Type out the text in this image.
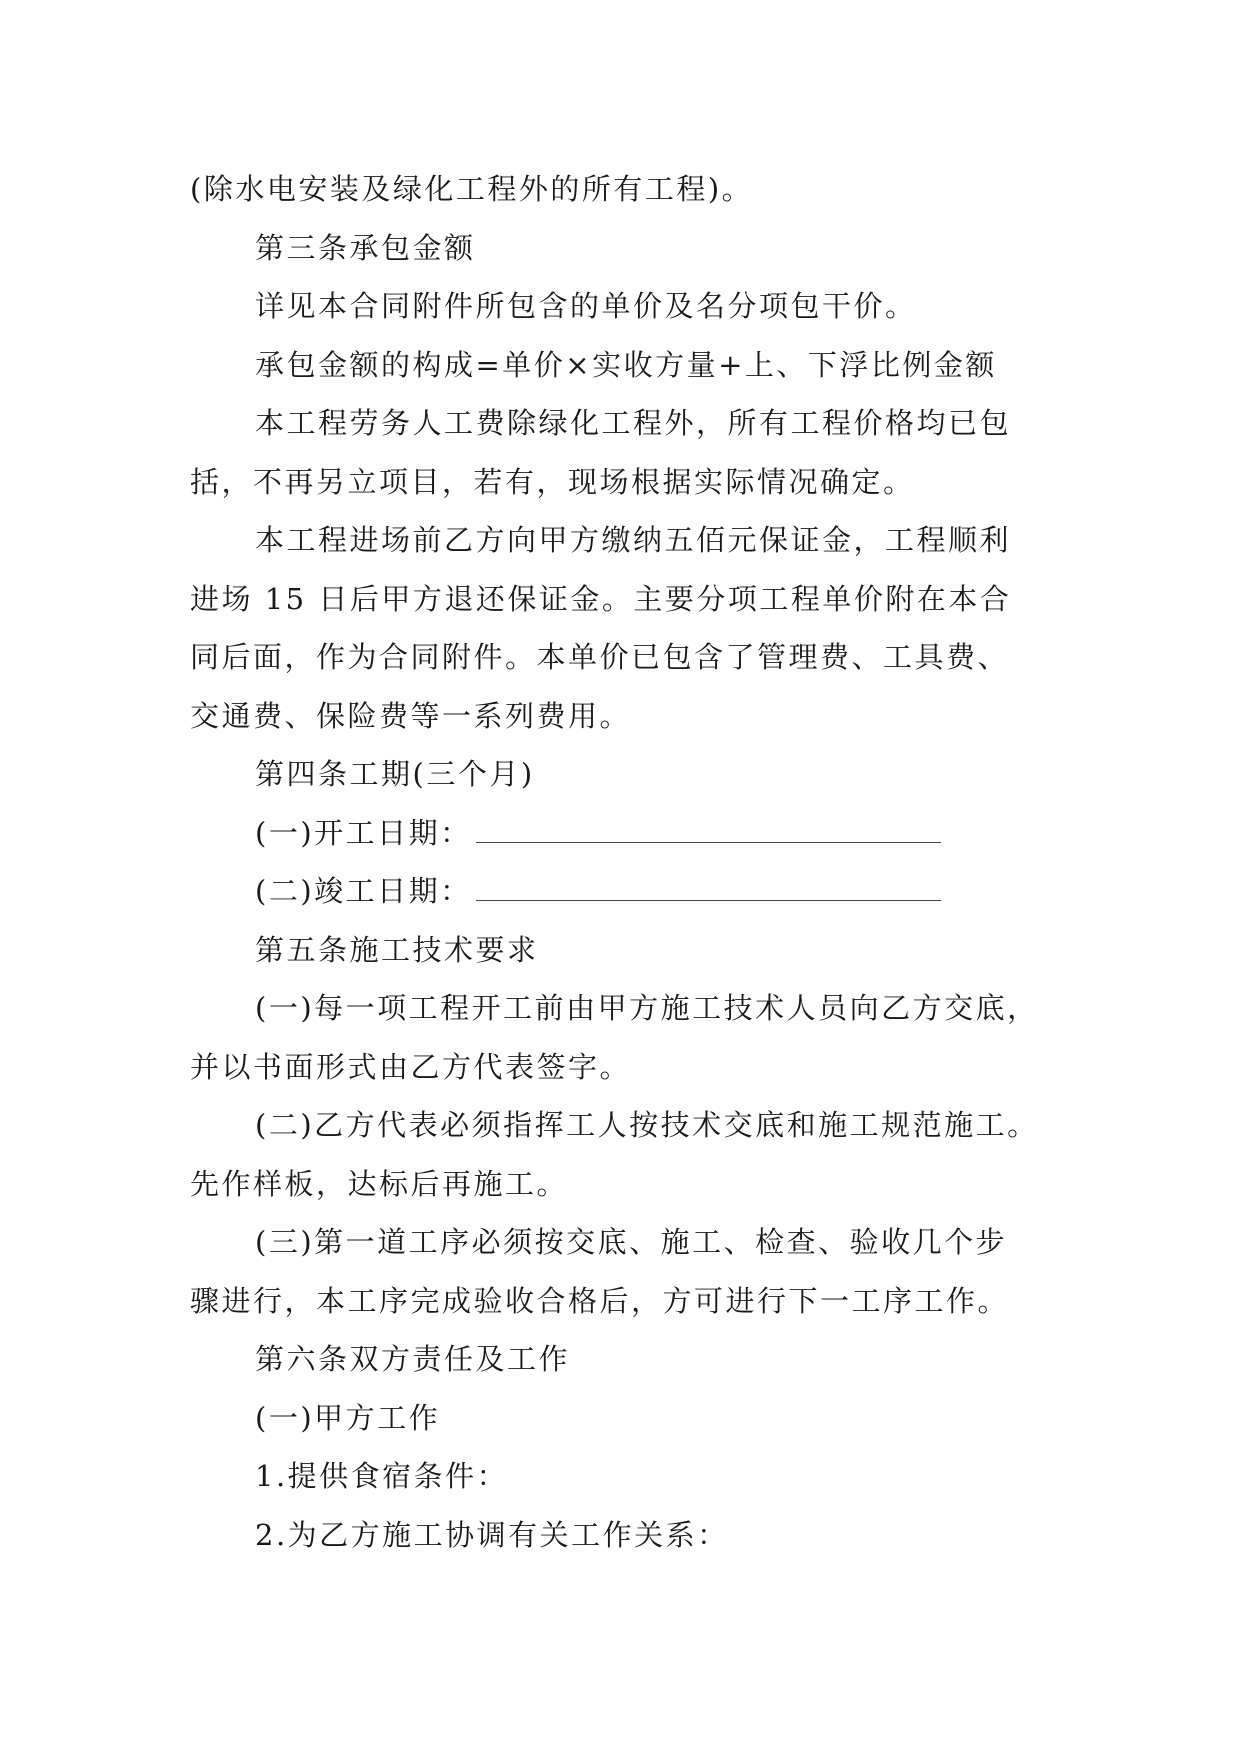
(除水电安装及绿化工程外的所有工程)。
第三条承包金额
详见本合同附件所包含的单价及名分项包干价。
承包金额的构成=单价×实收方量+上、下浮比例金额
本工程劳务人工费除绿化工程外，所有工程价格均已包
括，不再另立项目，若有，现场根据实际情况确定。
本工程进场前乙方向甲方缴纳五佰元保证金，工程顺利
进场 15 日后甲方退还保证金。主要分项工程单价附在本合
同后面，作为合同附件。本单价已包含了管理费、工具费、
交通费、保险费等一系列费用。
第四条工期(三个月)
(一)开工日期：
(二)竣工日期：
第五条施工技术要求
(一)每一项工程开工前由甲方施工技术人员向乙方交底，
并以书面形式由乙方代表签字。
(二)乙方代表必须指挥工人按技术交底和施工规范施工。
先作样板，达标后再施工。
(三)第一道工序必须按交底、施工、检查、验收几个步
骤进行，本工序完成验收合格后，方可进行下一工序工作。
第六条双方责任及工作
(一)甲方工作
1.提供食宿条件：
2.为乙方施工协调有关工作关系：
